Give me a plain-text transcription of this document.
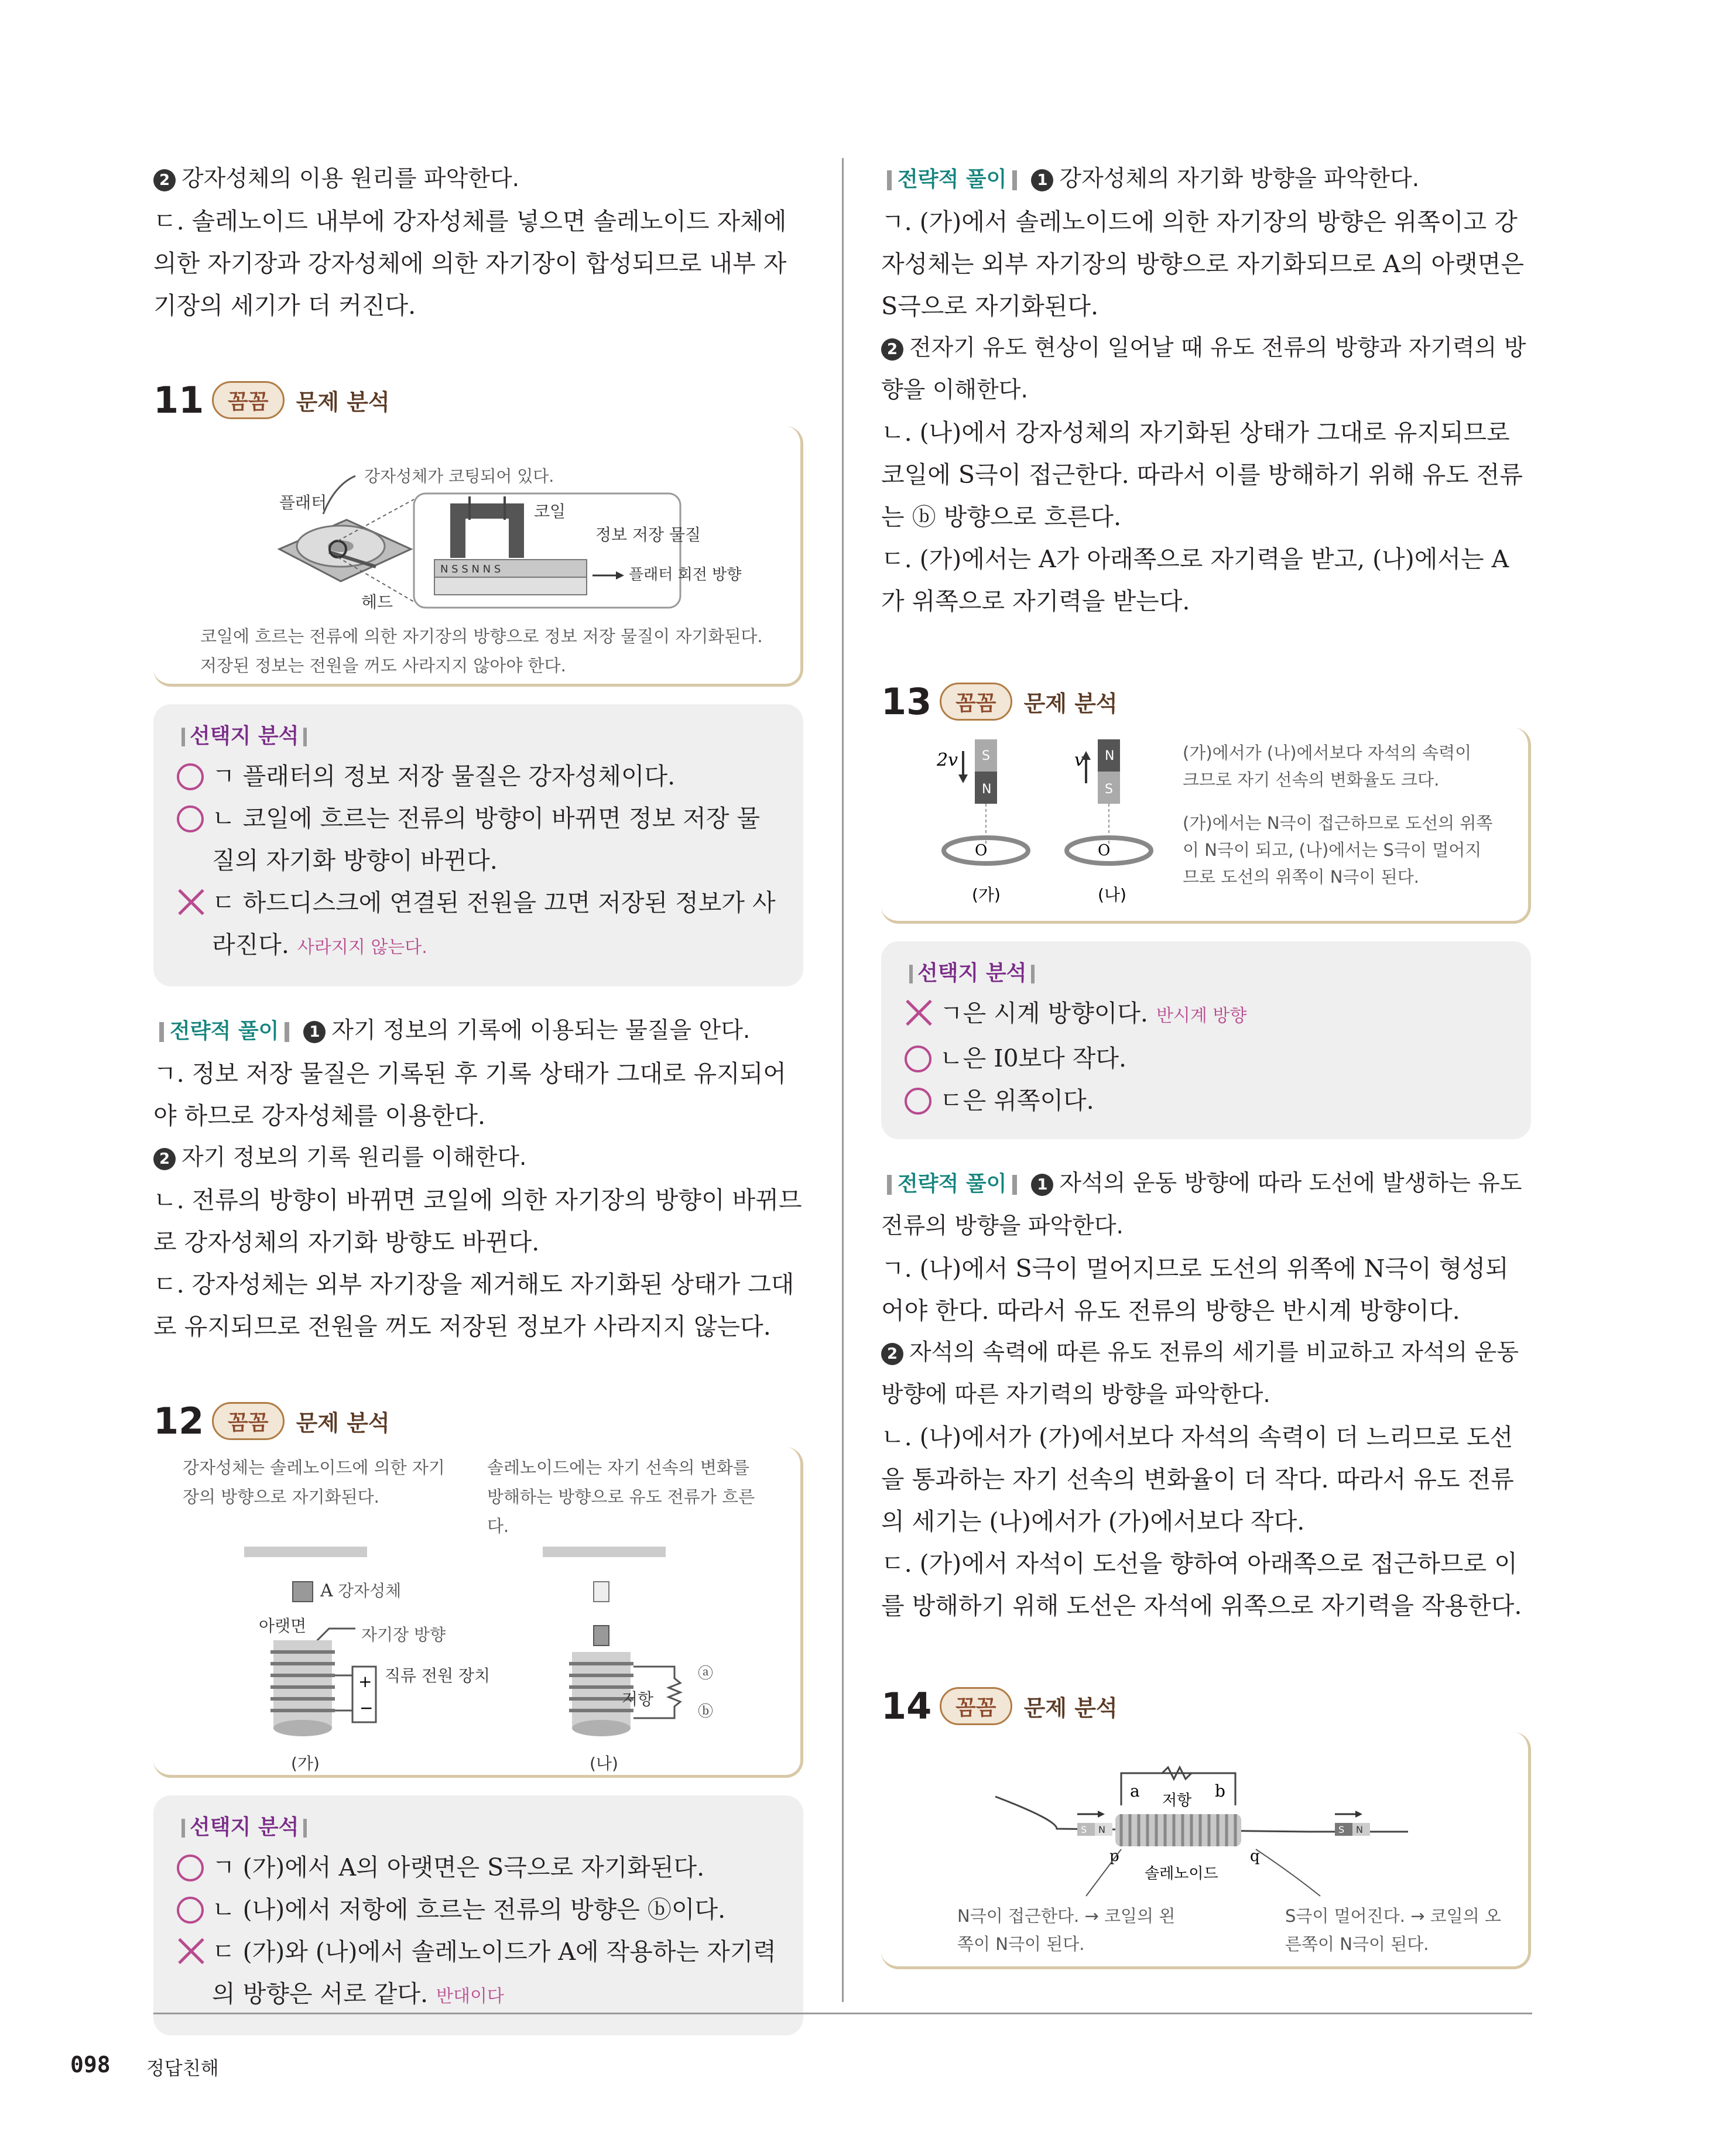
2 강자성체의 이용 원리를 파악한다.

ㄷ. 솔레노이드 내부에 강자성체를 넣으면 솔레노이드 자체에 의한 자기장과 강자성체에 의한 자기장이 합성되므로 내부 자기장의 세기가 더 커진다.

11	꼼꼼	문제 분석
강자성체가 코팅되어 있다.
플래터
헤드
N S S N N S
코일
정보 저장 물질
플래터 회전 방향
코일에 흐르는 전류에 의한 자기장의 방향으로 정보 저장 물질이 자기화된다.
저장된 정보는 전원을 꺼도 사라지지 않아야 한다.
선택지 분석
ㄱ 플래터의 정보 저장 물질은 강자성체이다.
ㄴ 코일에 흐르는 전류의 방향이 바뀌면 정보 저장 물질의 자기화 방향이 바뀐다.
ㄷ 하드디스크에 연결된 전원을 끄면 저장된 정보가 사라진다. 사라지지 않는다.

전략적 풀이 1 자기 정보의 기록에 이용되는 물질을 안다.

ㄱ. 정보 저장 물질은 기록된 후 기록 상태가 그대로 유지되어야 하므로 강자성체를 이용한다.

2 자기 정보의 기록 원리를 이해한다.

ㄴ. 전류의 방향이 바뀌면 코일에 의한 자기장의 방향이 바뀌므로 강자성체의 자기화 방향도 바뀐다.

ㄷ. 강자성체는 외부 자기장을 제거해도 자기화된 상태가 그대로 유지되므로 전원을 꺼도 저장된 정보가 사라지지 않는다.

12	꼼꼼	문제 분석
강자성체는 솔레노이드에 의한 자기장의 방향으로 자기화된다.
솔레노이드에는 자기 선속의 변화를 방해하는 방향으로 유도 전류가 흐른다.
A 강자성체
아랫면	자기장 방향
+
−
직류 전원 장치
(가)
저항
ⓐ
ⓑ
(나)
선택지 분석
ㄱ (가)에서 A의 아랫면은 S극으로 자기화된다.
ㄴ (나)에서 저항에 흐르는 전류의 방향은 ⓑ이다.
ㄷ (가)와 (나)에서 솔레노이드가 A에 작용하는 자기력의 방향은 서로 같다. 반대이다

전략적 풀이 1 강자성체의 자기화 방향을 파악한다.

ㄱ. (가)에서 솔레노이드에 의한 자기장의 방향은 위쪽이고 강자성체는 외부 자기장의 방향으로 자기화되므로 A의 아랫면은 S극으로 자기화된다.

2 전자기 유도 현상이 일어날 때 유도 전류의 방향과 자기력의 방향을 이해한다.

ㄴ. (나)에서 강자성체의 자기화된 상태가 그대로 유지되므로 코일에 S극이 접근한다. 따라서 이를 방해하기 위해 유도 전류는 ⓑ 방향으로 흐른다.

ㄷ. (가)에서는 A가 아래쪽으로 자기력을 받고, (나)에서는 A가 위쪽으로 자기력을 받는다.

13	꼼꼼	문제 분석
2v S
N
O
(가)
v N
S
O
(나)
(가)에서가 (나)에서보다 자석의 속력이 크므로 자기 선속의 변화율도 크다.
(가)에서는 N극이 접근하므로 도선의 위쪽이 N극이 되고, (나)에서는 S극이 멀어지므로 도선의 위쪽이 N극이 된다.
선택지 분석
ㄱ은 시계 방향이다. 반시계 방향
ㄴ은 I0보다 작다.
ㄷ은 위쪽이다.

전략적 풀이 1 자석의 운동 방향에 따라 도선에 발생하는 유도 전류의 방향을 파악한다.

ㄱ. (나)에서 S극이 멀어지므로 도선의 위쪽에 N극이 형성되어야 한다. 따라서 유도 전류의 방향은 반시계 방향이다.

2 자석의 속력에 따른 유도 전류의 세기를 비교하고 자석의 운동 방향에 따른 자기력의 방향을 파악한다.

ㄴ. (나)에서가 (가)에서보다 자석의 속력이 더 느리므로 도선을 통과하는 자기 선속의 변화율이 더 작다. 따라서 유도 전류의 세기는 (나)에서가 (가)에서보다 작다.

ㄷ. (가)에서 자석이 도선을 향하여 아래쪽으로 접근하므로 이를 방해하기 위해 도선은 자석에 위쪽으로 자기력을 작용한다.

14	꼼꼼	문제 분석
a	b
저항
S N	S N
p	q
솔레노이드
N극이 접근한다. → 코일의 왼쪽이 N극이 된다.
S극이 멀어진다. → 코일의 오른쪽이 N극이 된다.
098 정답친해
